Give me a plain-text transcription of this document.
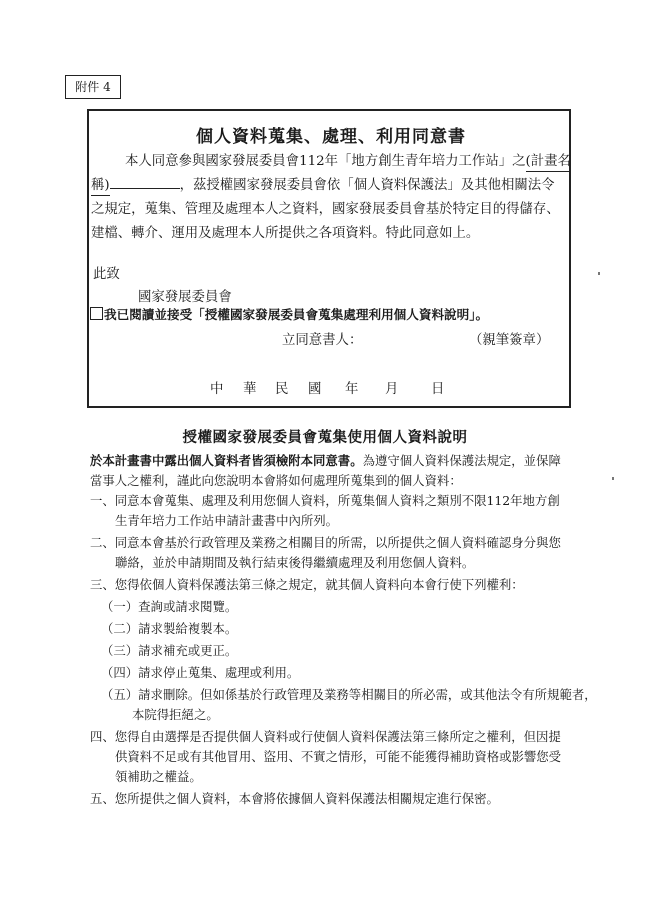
附件 4
個人資料蒐集、處理、利用同意書
本人同意參與國家發展委員會112年「地方創生青年培力工作站」之(計畫名
稱)	，茲授權國家發展委員會依「個人資料保護法」及其他相關法令
之規定，蒐集、管理及處理本人之資料，國家發展委員會基於特定目的得儲存、
建檔、轉介、運用及處理本人所提供之各項資料。特此同意如上。
此致
國家發展委員會
我已閱讀並接受「授權國家發展委員會蒐集處理利用個人資料說明」。
立同意書人：	（親筆簽章）
中 華 民 國 年 月 日
授權國家發展委員會蒐集使用個人資料說明
於本計畫書中露出個人資料者皆須檢附本同意書。為遵守個人資料保護法規定，並保障
當事人之權利，謹此向您說明本會將如何處理所蒐集到的個人資料：
一、同意本會蒐集、處理及利用您個人資料，所蒐集個人資料之類別不限112年地方創
生青年培力工作站申請計畫書中內所列。
二、同意本會基於行政管理及業務之相關目的所需，以所提供之個人資料確認身分與您
聯絡，並於申請期間及執行結束後得繼續處理及利用您個人資料。
三、您得依個人資料保護法第三條之規定，就其個人資料向本會行使下列權利：
（一）查詢或請求閱覽。
（二）請求製給複製本。
（三）請求補充或更正。
（四）請求停止蒐集、處理或利用。
（五）請求刪除。但如係基於行政管理及業務等相關目的所必需，或其他法令有所規範者，
本院得拒絕之。
四、您得自由選擇是否提供個人資料或行使個人資料保護法第三條所定之權利，但因提
供資料不足或有其他冒用、盜用、不實之情形，可能不能獲得補助資格或影響您受
領補助之權益。
五、您所提供之個人資料，本會將依據個人資料保護法相關規定進行保密。
